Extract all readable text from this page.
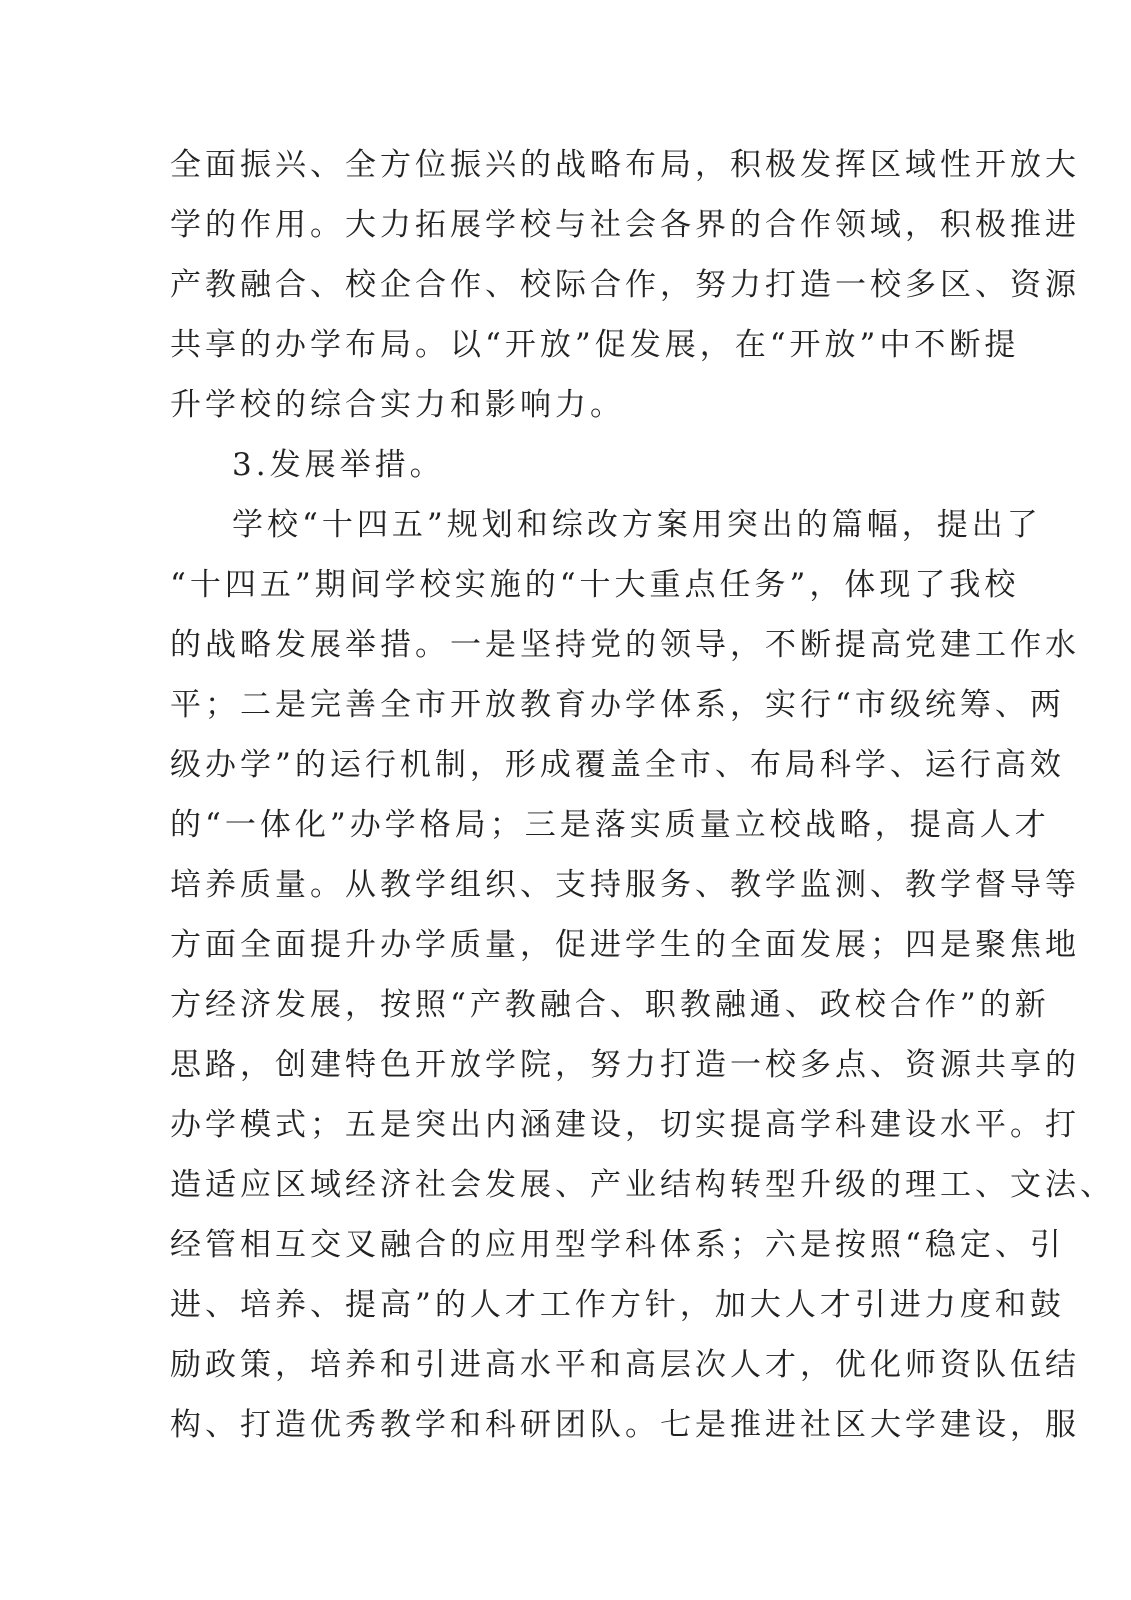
全面振兴、全方位振兴的战略布局，积极发挥区域性开放大
学的作用。大力拓展学校与社会各界的合作领域，积极推进
产教融合、校企合作、校际合作，努力打造一校多区、资源
共享的办学布局。以“开放”促发展，在“开放”中不断提
升学校的综合实力和影响力。
3.发展举措。
学校“十四五”规划和综改方案用突出的篇幅，提出了
“十四五”期间学校实施的“十大重点任务”，体现了我校
的战略发展举措。一是坚持党的领导，不断提高党建工作水
平；二是完善全市开放教育办学体系，实行“市级统筹、两
级办学”的运行机制，形成覆盖全市、布局科学、运行高效
的“一体化”办学格局；三是落实质量立校战略，提高人才
培养质量。从教学组织、支持服务、教学监测、教学督导等
方面全面提升办学质量，促进学生的全面发展；四是聚焦地
方经济发展，按照“产教融合、职教融通、政校合作”的新
思路，创建特色开放学院，努力打造一校多点、资源共享的
办学模式；五是突出内涵建设，切实提高学科建设水平。打
造适应区域经济社会发展、产业结构转型升级的理工、文法、
经管相互交叉融合的应用型学科体系；六是按照“稳定、引
进、培养、提高”的人才工作方针，加大人才引进力度和鼓
励政策，培养和引进高水平和高层次人才，优化师资队伍结
构、打造优秀教学和科研团队。七是推进社区大学建设，服
